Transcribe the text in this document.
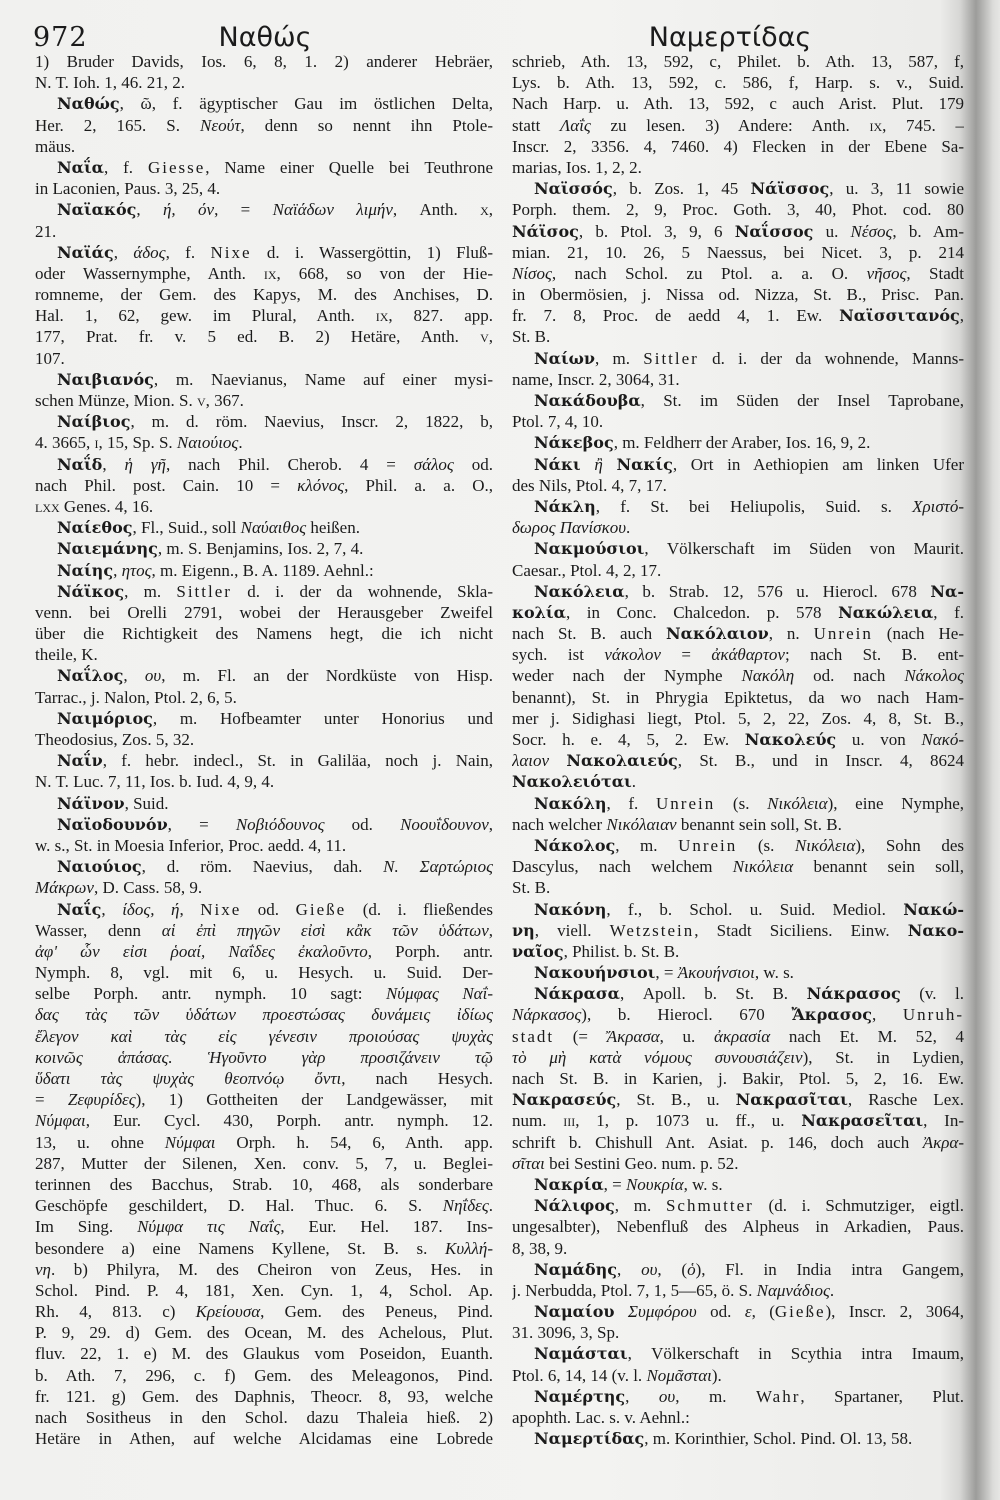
972	Ναθώς	Ναμερτίδας
1) Bruder Davids, Ios. 6, 8, 1. 2) anderer Hebräer,
N. T. Ioh. 1, 46. 21, 2.
Ναθώς, ῶ, f. ägyptischer Gau im östlichen Delta,
Her. 2, 165. S. Νεούτ, denn so nennt ihn Ptole-
mäus.
Ναΐα, f. Giesse, Name einer Quelle bei Teuthrone
in Laconien, Paus. 3, 25, 4.
Ναϊακός, ή, όν, = Ναϊάδων λιμήν, Anth. x,
21.
Ναϊάς, άδος, f. Nixe d. i. Wassergöttin, 1) Fluß-
oder Wassernymphe, Anth. ix, 668, so von der Hie-
romneme, der Gem. des Kapys, M. des Anchises, D.
Hal. 1, 62, gew. im Plural, Anth. ix, 827. app.
177, Prat. fr. v. 5 ed. B. 2) Hetäre, Anth. v,
107.
Ναιβιανός, m. Naevianus, Name auf einer mysi-
schen Münze, Mion. S. v, 367.
Ναίβιος, m. d. röm. Naevius, Inscr. 2, 1822, b,
4. 3665, i, 15, Sp. S. Ναιούιος.
Ναΐδ, ἡ γῆ, nach Phil. Cherob. 4 = σάλος od.
nach Phil. post. Cain. 10 = κλόνος, Phil. a. a. O.,
lxx Genes. 4, 16.
Ναίεθος, Fl., Suid., soll Ναύαιθος heißen.
Ναιεμάνης, m. S. Benjamins, Ios. 2, 7, 4.
Ναίης, ητος, m. Eigenn., B. A. 1189. Aehnl.:
Νάϊκος, m. Sittler d. i. der da wohnende, Skla-
venn. bei Orelli 2791, wobei der Herausgeber Zweifel
über die Richtigkeit des Namens hegt, die ich nicht
theile, K.
Ναΐλος, ου, m. Fl. an der Nordküste von Hisp.
Tarrac., j. Nalon, Ptol. 2, 6, 5.
Ναιμόριος, m. Hofbeamter unter Honorius und
Theodosius, Zos. 5, 32.
Ναΐν, f. hebr. indecl., St. in Galiläa, noch j. Nain,
N. T. Luc. 7, 11, Ios. b. Iud. 4, 9, 4.
Νάϊνον, Suid.
Ναϊοδουνόν, = Νοβιόδουνος od. Νοουΐδουνον,
w. s., St. in Moesia Inferior, Proc. aedd. 4, 11.
Ναιούιος, d. röm. Naevius, dah. Ν. Σαρτώριος
Μάκρων, D. Cass. 58, 9.
Ναΐς, ίδος, ή, Nixe od. Gieße (d. i. fließendes
Wasser, denn αἱ ἐπὶ πηγῶν εἰσὶ κἂκ τῶν ὑδάτων,
ἀφ' ὧν εἰσι ῥοαί, Ναΐδες ἐκαλοῦντο, Porph. antr.
Nymph. 8, vgl. mit 6, u. Hesych. u. Suid. Der-
selbe Porph. antr. nymph. 10 sagt: Νύμφας Ναΐ-
δας τὰς τῶν ὑδάτων προεστώσας δυνάμεις ἰδίως
ἔλεγον καὶ τὰς εἰς γένεσιν προιούσας ψυχὰς
κοινῶς ἁπάσας. Ἡγοῦντο γὰρ προσιζάνειν τῷ
ὕδατι τὰς ψυχὰς θεοπνόῳ ὄντι, nach Hesych.
= Ζεφυρίδες), 1) Gottheiten der Landgewässer, mit
Νύμφαι, Eur. Cycl. 430, Porph. antr. nymph. 12.
13, u. ohne Νύμφαι Orph. h. 54, 6, Anth. app.
287, Mutter der Silenen, Xen. conv. 5, 7, u. Beglei-
terinnen des Bacchus, Strab. 10, 468, als sonderbare
Geschöpfe geschildert, D. Hal. Thuc. 6. S. Νηΐδες.
Im Sing. Νύμφα τις Ναΐς, Eur. Hel. 187. Ins-
besondere a) eine Namens Kyllene, St. B. s. Κυλλή-
νη. b) Philyra, M. des Cheiron von Zeus, Hes. in
Schol. Pind. P. 4, 181, Xen. Cyn. 1, 4, Schol. Ap.
Rh. 4, 813. c) Κρείουσα, Gem. des Peneus, Pind.
P. 9, 29. d) Gem. des Ocean, M. des Achelous, Plut.
fluv. 22, 1. e) M. des Glaukus vom Poseidon, Euanth.
b. Ath. 7, 296, c. f) Gem. des Meleagonos, Pind.
fr. 121. g) Gem. des Daphnis, Theocr. 8, 93, welche
nach Sositheus in den Schol. dazu Thaleia hieß. 2)
Hetäre in Athen, auf welche Alcidamas eine Lobrede
schrieb, Ath. 13, 592, c, Philet. b. Ath. 13, 587, f,
Lys. b. Ath. 13, 592, c. 586, f, Harp. s. v., Suid.
Nach Harp. u. Ath. 13, 592, c auch Arist. Plut. 179
statt Λαΐς zu lesen. 3) Andere: Anth. ix, 745. –
Inscr. 2, 3356. 4, 7460. 4) Flecken in der Ebene Sa-
marias, Ios. 1, 2, 2.
Ναϊσσός, b. Zos. 1, 45 Νάϊσσος, u. 3, 11 sowie
Porph. them. 2, 9, Proc. Goth. 3, 40, Phot. cod. 80
Νάϊσος, b. Ptol. 3, 9, 6 Ναΐσσος u. Νέσος, b. Am-
mian. 21, 10. 26, 5 Naessus, bei Nicet. 3, p. 214
Νίσος, nach Schol. zu Ptol. a. a. O. νῆσος, Stadt
in Obermösien, j. Nissa od. Nizza, St. B., Prisc. Pan.
fr. 7. 8, Proc. de aedd 4, 1. Ew. Ναϊσσιτανός,
St. B.
Ναίων, m. Sittler d. i. der da wohnende, Manns-
name, Inscr. 2, 3064, 31.
Νακάδουβα, St. im Süden der Insel Taprobane,
Ptol. 7, 4, 10.
Νάκεβος, m. Feldherr der Araber, Ios. 16, 9, 2.
Νάκι ἢ Νακίς, Ort in Aethiopien am linken Ufer
des Nils, Ptol. 4, 7, 17.
Νάκλη, f. St. bei Heliupolis, Suid. s. Χριστό-
δωρος Πανίσκου.
Νακμούσιοι, Völkerschaft im Süden von Maurit.
Caesar., Ptol. 4, 2, 17.
Νακόλεια, b. Strab. 12, 576 u. Hierocl. 678 Να-
κολία, in Conc. Chalcedon. p. 578 Νακώλεια, f.
nach St. B. auch Νακόλαιον, n. Unrein (nach He-
sych. ist νάκολον = ἀκάθαρτον; nach St. B. ent-
weder nach der Nymphe Νακόλη od. nach Νάκολος
benannt), St. in Phrygia Epiktetus, da wo nach Ham-
mer j. Sidighasi liegt, Ptol. 5, 2, 22, Zos. 4, 8, St. B.,
Socr. h. e. 4, 5, 2. Ew. Νακολεύς u. von Νακό-
λαιον Νακολαιεύς, St. B., und in Inscr. 4, 8624
Νακολειόται.
Νακόλη, f. Unrein (s. Νικόλεια), eine Nymphe,
nach welcher Νικόλαιαν benannt sein soll, St. B.
Νάκολος, m. Unrein (s. Νικόλεια), Sohn des
Dascylus, nach welchem Νικόλεια benannt sein soll,
St. B.
Νακόνη, f., b. Schol. u. Suid. Mediol. Νακώ-
νη, viell. Wetzstein, Stadt Siciliens. Einw. Νακο-
ναῖος, Philist. b. St. B.
Νακουήνσιοι, = Ἀκουήνσιοι, w. s.
Νάκρασα, Apoll. b. St. B. Νάκρασος (v. l.
Νάρκασος), b. Hierocl. 670 Ἄκρασος, Unruh-
stadt (= Ἄκρασα, u. ἀκρασία nach Et. M. 52, 4
τὸ μὴ κατὰ νόμους συνουσιάζειν), St. in Lydien,
nach St. B. in Karien, j. Bakir, Ptol. 5, 2, 16. Ew.
Νακρασεύς, St. B., u. Νακρασῖται, Rasche Lex.
num. iii, 1, p. 1073 u. ff., u. Νακρασεῖται, In-
schrift b. Chishull Ant. Asiat. p. 146, doch auch Ἀκρα-
σῖται bei Sestini Geo. num. p. 52.
Νακρία, = Νουκρία, w. s.
Νάλιφος, m. Schmutter (d. i. Schmutziger, eigtl.
ungesalbter), Nebenfluß des Alpheus in Arkadien, Paus.
8, 38, 9.
Ναμάδης, ου, (ὁ), Fl. in India intra Gangem,
j. Nerbudda, Ptol. 7, 1, 5—65, ö. S. Ναμνάδιος.
Ναμαίου Συμφόρου od. ε, (Gieße), Inscr. 2, 3064,
31. 3096, 3, Sp.
Ναμάσται, Völkerschaft in Scythia intra Imaum,
Ptol. 6, 14, 14 (v. l. Νομᾶσται).
Ναμέρτης, ου, m. Wahr, Spartaner, Plut.
apophth. Lac. s. v. Aehnl.:
Ναμερτίδας, m. Korinthier, Schol. Pind. Ol. 13, 58.
